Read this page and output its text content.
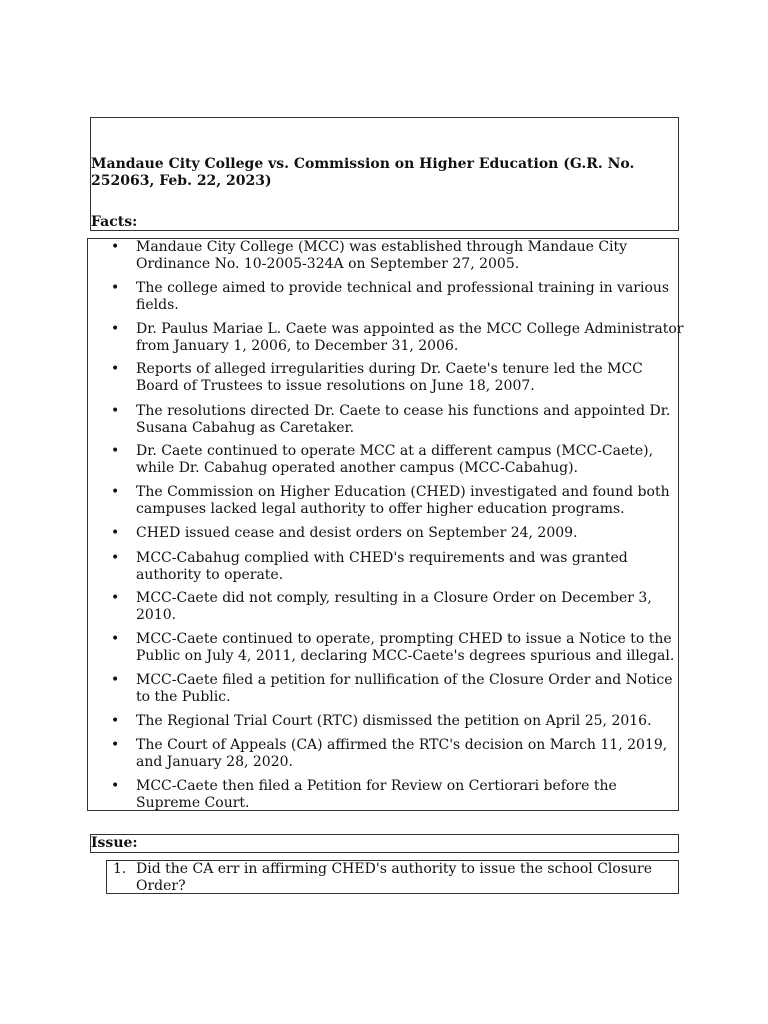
Mandaue City College vs. Commission on Higher Education (G.R. No.
252063, Feb. 22, 2023)
Facts:
• Mandaue City College (MCC) was established through Mandaue City
Ordinance No. 10-2005-324A on September 27, 2005.
• The college aimed to provide technical and professional training in various
fields.
• Dr. Paulus Mariae L. Caete was appointed as the MCC College Administrator
from January 1, 2006, to December 31, 2006.
• Reports of alleged irregularities during Dr. Caete's tenure led the MCC
Board of Trustees to issue resolutions on June 18, 2007.
• The resolutions directed Dr. Caete to cease his functions and appointed Dr.
Susana Cabahug as Caretaker.
• Dr. Caete continued to operate MCC at a different campus (MCC-Caete),
while Dr. Cabahug operated another campus (MCC-Cabahug).
• The Commission on Higher Education (CHED) investigated and found both
campuses lacked legal authority to offer higher education programs.
• CHED issued cease and desist orders on September 24, 2009.
• MCC-Cabahug complied with CHED's requirements and was granted
authority to operate.
• MCC-Caete did not comply, resulting in a Closure Order on December 3,
2010.
• MCC-Caete continued to operate, prompting CHED to issue a Notice to the
Public on July 4, 2011, declaring MCC-Caete's degrees spurious and illegal.
• MCC-Caete filed a petition for nullification of the Closure Order and Notice
to the Public.
• The Regional Trial Court (RTC) dismissed the petition on April 25, 2016.
• The Court of Appeals (CA) affirmed the RTC's decision on March 11, 2019,
and January 28, 2020.
• MCC-Caete then filed a Petition for Review on Certiorari before the
Supreme Court.
Issue:
1. Did the CA err in affirming CHED's authority to issue the school Closure
Order?
